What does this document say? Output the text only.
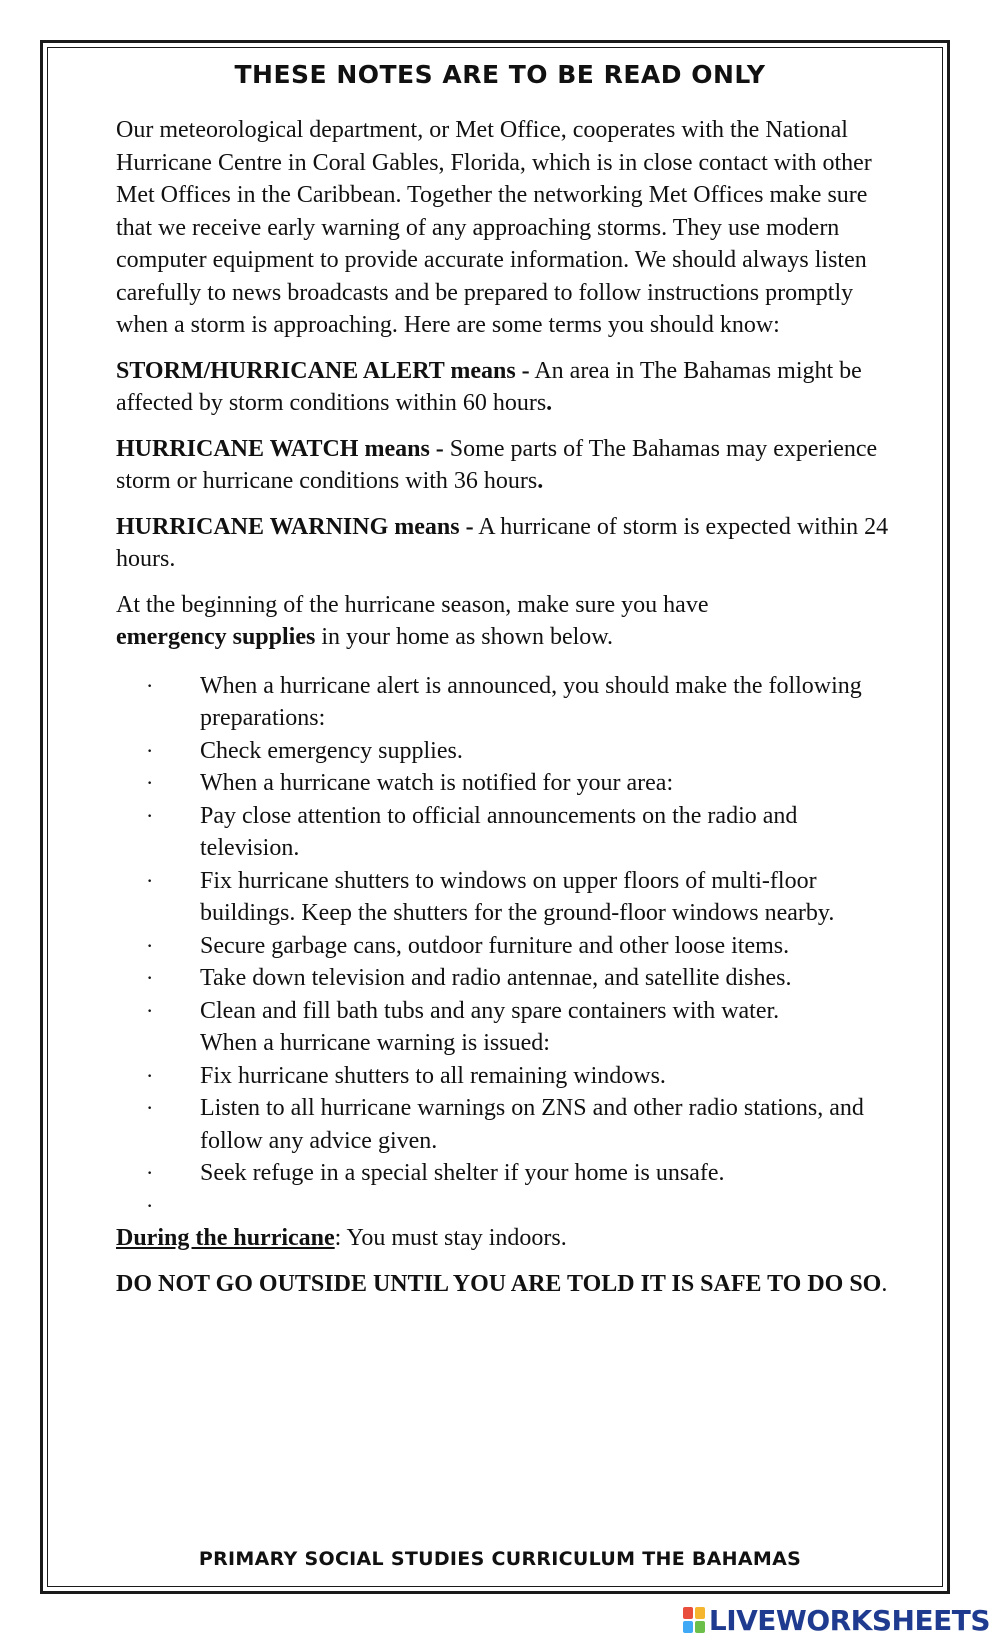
THESE NOTES ARE TO BE READ ONLY

Our meteorological department, or Met Office, cooperates with the National Hurricane Centre in Coral Gables, Florida, which is in close contact with other Met Offices in the Caribbean. Together the networking Met Offices make sure that we receive early warning of any approaching storms. They use modern computer equipment to provide accurate information. We should always listen carefully to news broadcasts and be prepared to follow instructions promptly when a storm is approaching. Here are some terms you should know:

STORM/HURRICANE ALERT means - An area in The Bahamas might be affected by storm conditions within 60 hours.

HURRICANE WATCH means - Some parts of The Bahamas may experience storm or hurricane conditions with 36 hours.

HURRICANE WARNING means - A hurricane of storm is expected within 24 hours.

At the beginning of the hurricane season, make sure you have
emergency supplies in your home as shown below.

· When a hurricane alert is announced, you should make the following preparations:
· Check emergency supplies.
· When a hurricane watch is notified for your area:
· Pay close attention to official announcements on the radio and television.
· Fix hurricane shutters to windows on upper floors of multi-floor buildings. Keep the shutters for the ground-floor windows nearby.
· Secure garbage cans, outdoor furniture and other loose items.
· Take down television and radio antennae, and satellite dishes.
· Clean and fill bath tubs and any spare containers with water.
When a hurricane warning is issued:
· Fix hurricane shutters to all remaining windows.
· Listen to all hurricane warnings on ZNS and other radio stations, and follow any advice given.
· Seek refuge in a special shelter if your home is unsafe.
·

During the hurricane: You must stay indoors.

DO NOT GO OUTSIDE UNTIL YOU ARE TOLD IT IS SAFE TO DO SO.

PRIMARY SOCIAL STUDIES CURRICULUM THE BAHAMAS
LIVEWORKSHEETS
